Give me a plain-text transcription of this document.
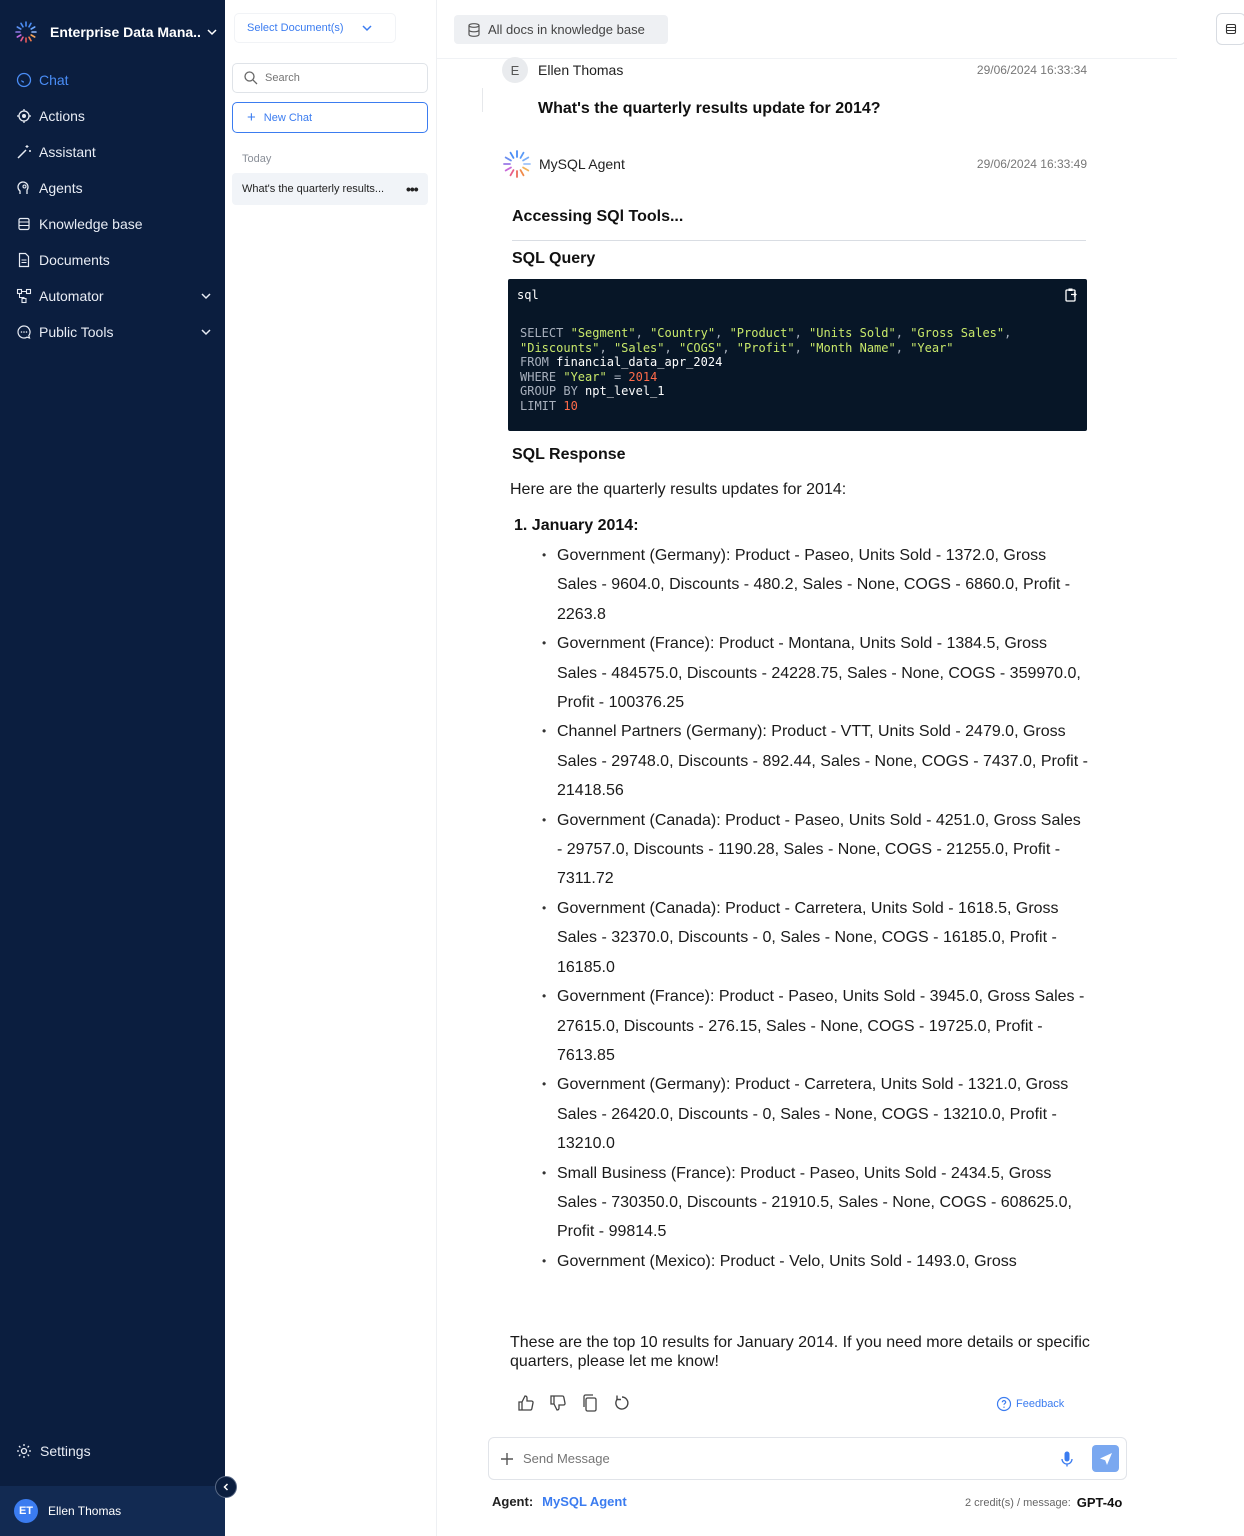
Enterprise Data Mana..
Chat
Actions
Assistant
Agents
Knowledge base
Documents
Automator
Public Tools
Settings
ET	Ellen Thomas
Select Document(s)
Search
+ New Chat
Today
What's the quarterly results...	•••
All docs in knowledge base
E	Ellen Thomas	29/06/2024 16:33:34
What's the quarterly results update for 2014?
MySQL Agent	29/06/2024 16:33:49
Accessing SQl Tools...
SQL Query
sql
SELECT "Segment", "Country", "Product", "Units Sold", "Gross Sales",
"Discounts", "Sales", "COGS", "Profit", "Month Name", "Year"
FROM financial_data_apr_2024
WHERE "Year" = 2014
GROUP BY npt_level_1
LIMIT 10
SQL Response
Here are the quarterly results updates for 2014:
1. January 2014:
• Government (Germany): Product - Paseo, Units Sold - 1372.0, Gross Sales - 9604.0, Discounts - 480.2, Sales - None, COGS - 6860.0, Profit - 2263.8
• Government (France): Product - Montana, Units Sold - 1384.5, Gross Sales - 484575.0, Discounts - 24228.75, Sales - None, COGS - 359970.0, Profit - 100376.25
• Channel Partners (Germany): Product - VTT, Units Sold - 2479.0, Gross Sales - 29748.0, Discounts - 892.44, Sales - None, COGS - 7437.0, Profit - 21418.56
• Government (Canada): Product - Paseo, Units Sold - 4251.0, Gross Sales - 29757.0, Discounts - 1190.28, Sales - None, COGS - 21255.0, Profit - 7311.72
• Government (Canada): Product - Carretera, Units Sold - 1618.5, Gross Sales - 32370.0, Discounts - 0, Sales - None, COGS - 16185.0, Profit - 16185.0
• Government (France): Product - Paseo, Units Sold - 3945.0, Gross Sales - 27615.0, Discounts - 276.15, Sales - None, COGS - 19725.0, Profit - 7613.85
• Government (Germany): Product - Carretera, Units Sold - 1321.0, Gross Sales - 26420.0, Discounts - 0, Sales - None, COGS - 13210.0, Profit - 13210.0
• Small Business (France): Product - Paseo, Units Sold - 2434.5, Gross Sales - 730350.0, Discounts - 21910.5, Sales - None, COGS - 608625.0, Profit - 99814.5
• Government (Mexico): Product - Velo, Units Sold - 1493.0, Gross
These are the top 10 results for January 2014. If you need more details or specific quarters, please let me know!
Feedback
Send Message
Agent: MySQL Agent	2 credit(s) / message: GPT-4o
